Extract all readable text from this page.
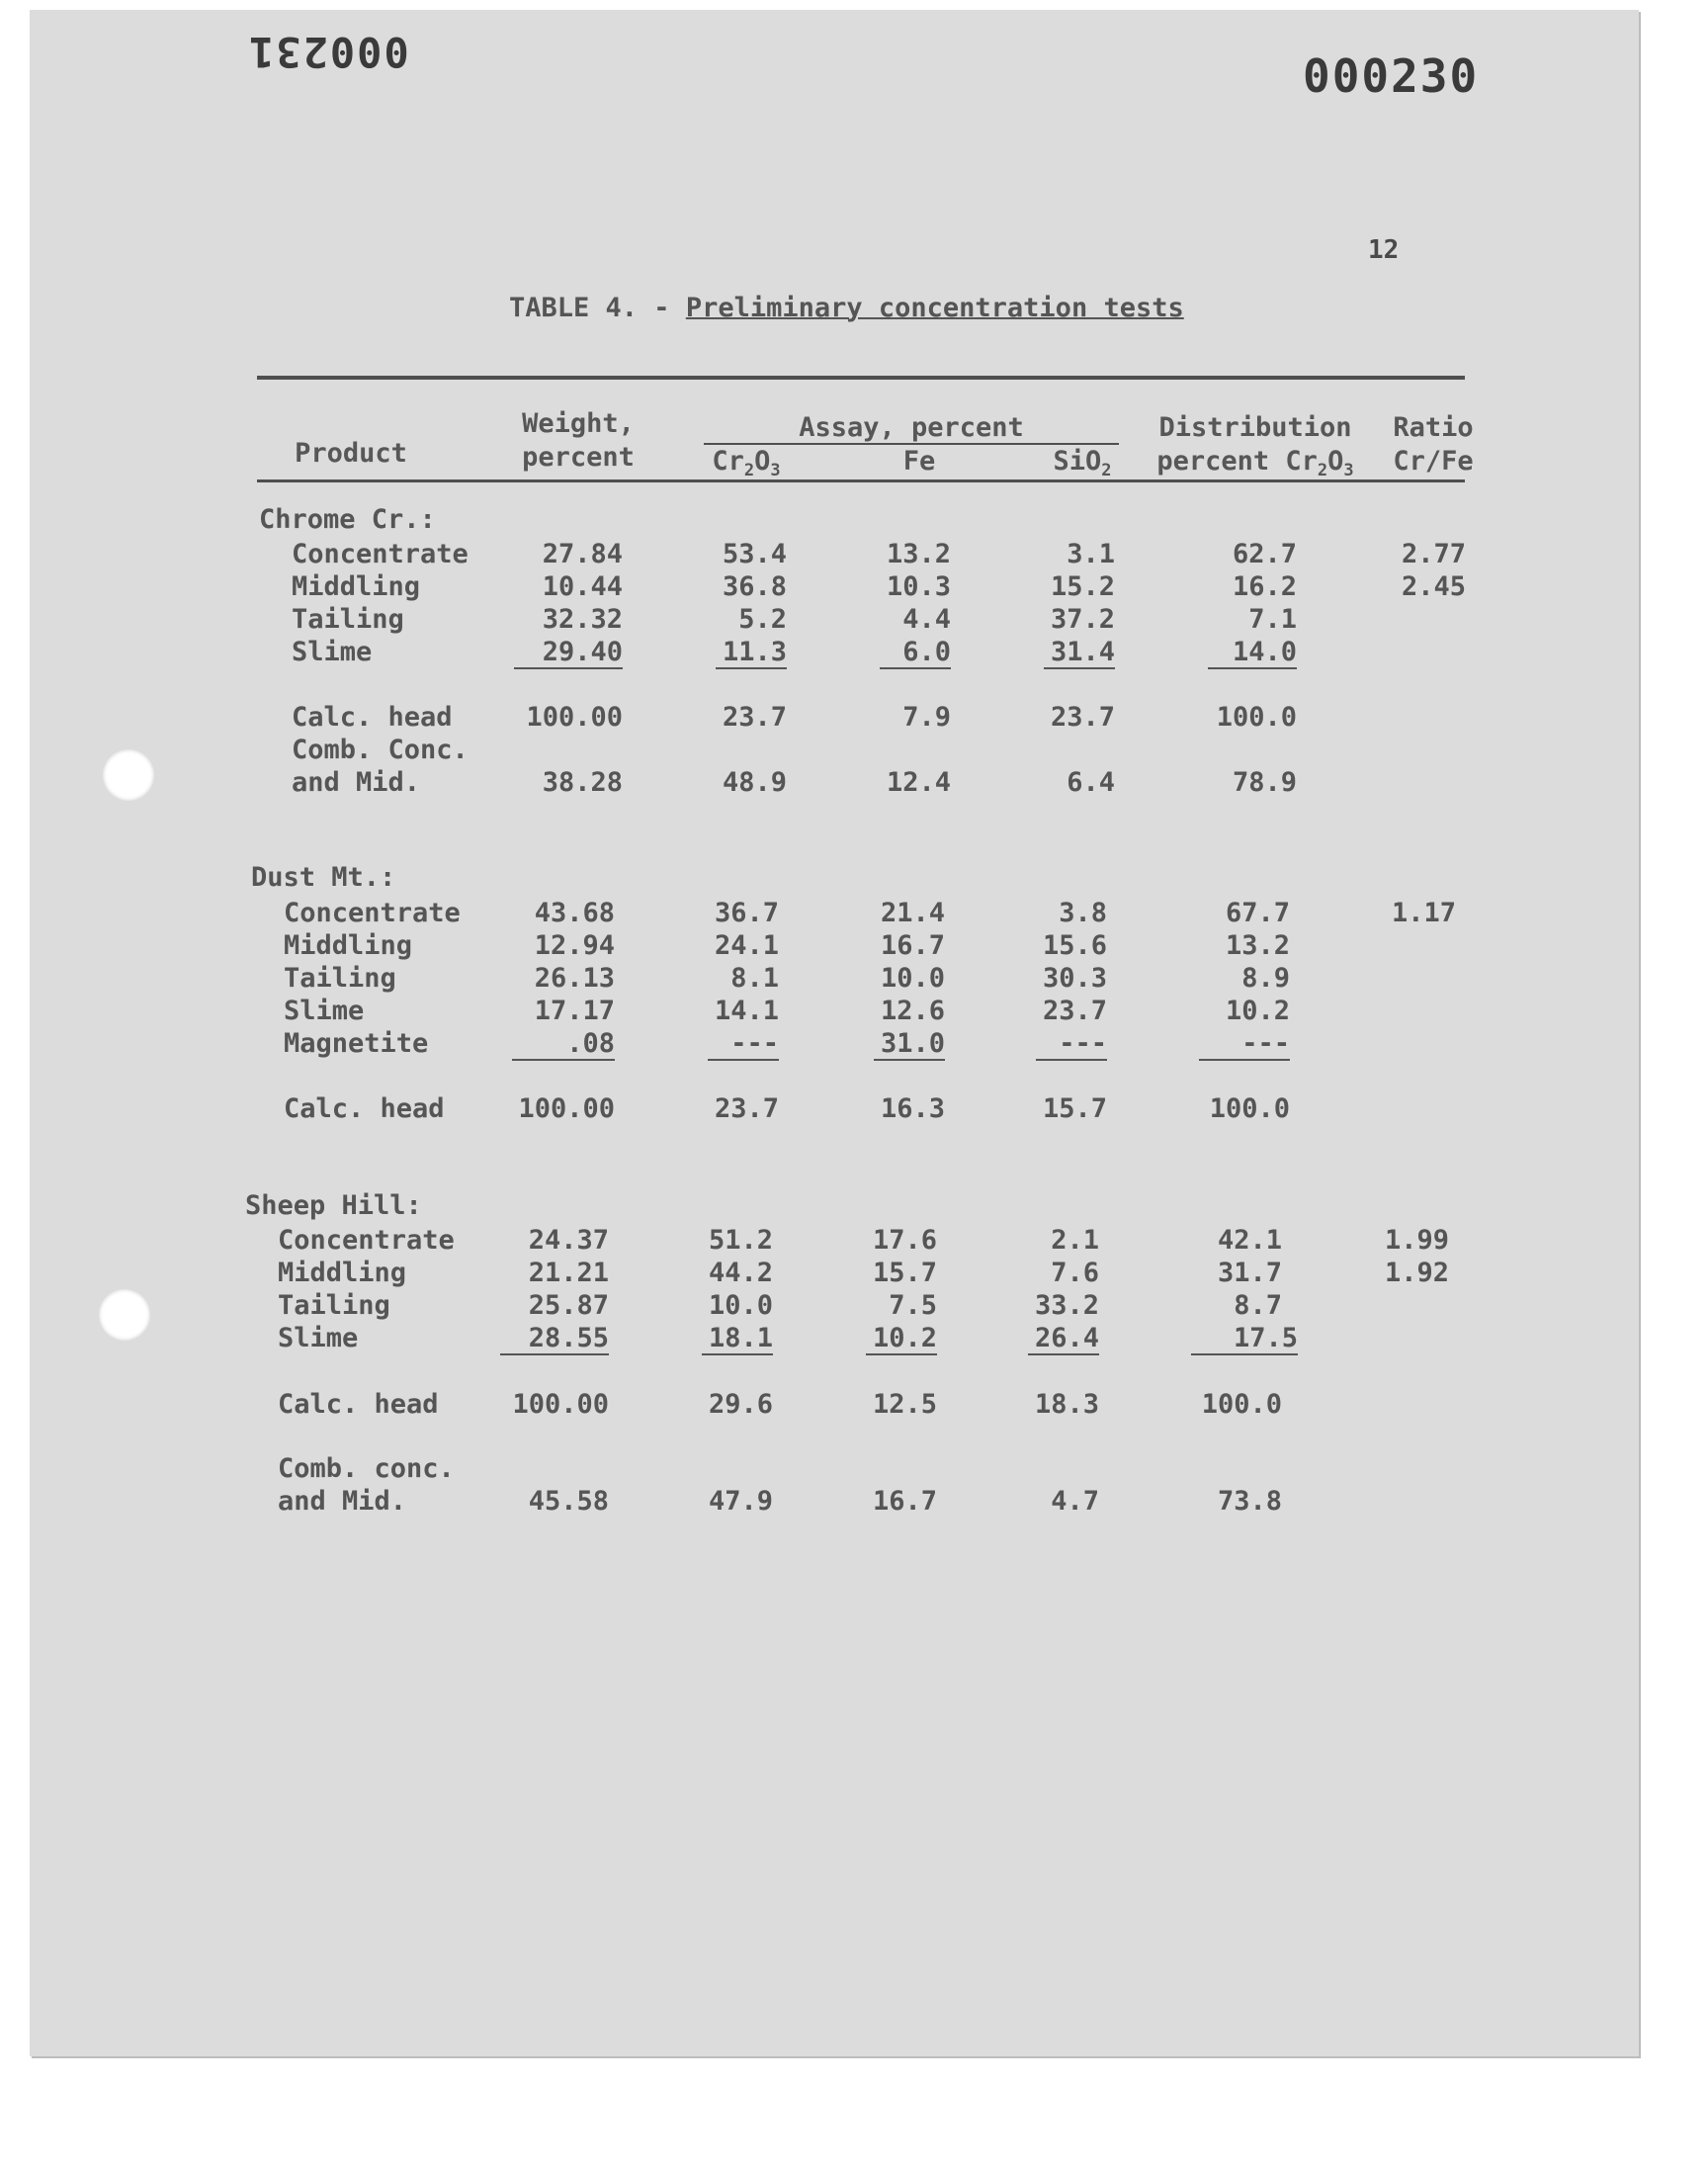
000231	000230
12
TABLE 4. - Preliminary concentration tests
Product
Weight,
percent
Assay, percent
$Cr_2O_3$	Fe	SiO$_2$
Distribution
percent $Cr_2O_3$
Ratio
Cr/Fe
Chrome Cr.:
Concentrate	27.84	53.4	13.2	3.1	62.7	2.77
Middling	10.44	36.8	10.3	15.2	16.2	2.45
Tailing	32.32	5.2	4.4	37.2	7.1
Slime	29.40	11.3	6.0	31.4	14.0
Calc. head	100.00	23.7	7.9	23.7	100.0
Comb. Conc.
and Mid.	38.28	48.9	12.4	6.4	78.9
Dust Mt.:
Concentrate	43.68	36.7	21.4	3.8	67.7	1.17
Middling	12.94	24.1	16.7	15.6	13.2
Tailing	26.13	8.1	10.0	30.3	8.9
Slime	17.17	14.1	12.6	23.7	10.2
Magnetite	.08	---	31.0	---	---
Calc. head	100.00	23.7	16.3	15.7	100.0
Sheep Hill:
Concentrate	24.37	51.2	17.6	2.1	42.1	1.99
Middling	21.21	44.2	15.7	7.6	31.7	1.92
Tailing	25.87	10.0	7.5	33.2	8.7
Slime	28.55	18.1	10.2	26.4	17.5
Calc. head	100.00	29.6	12.5	18.3	100.0
Comb. conc.
and Mid.	45.58	47.9	16.7	4.7	73.8
